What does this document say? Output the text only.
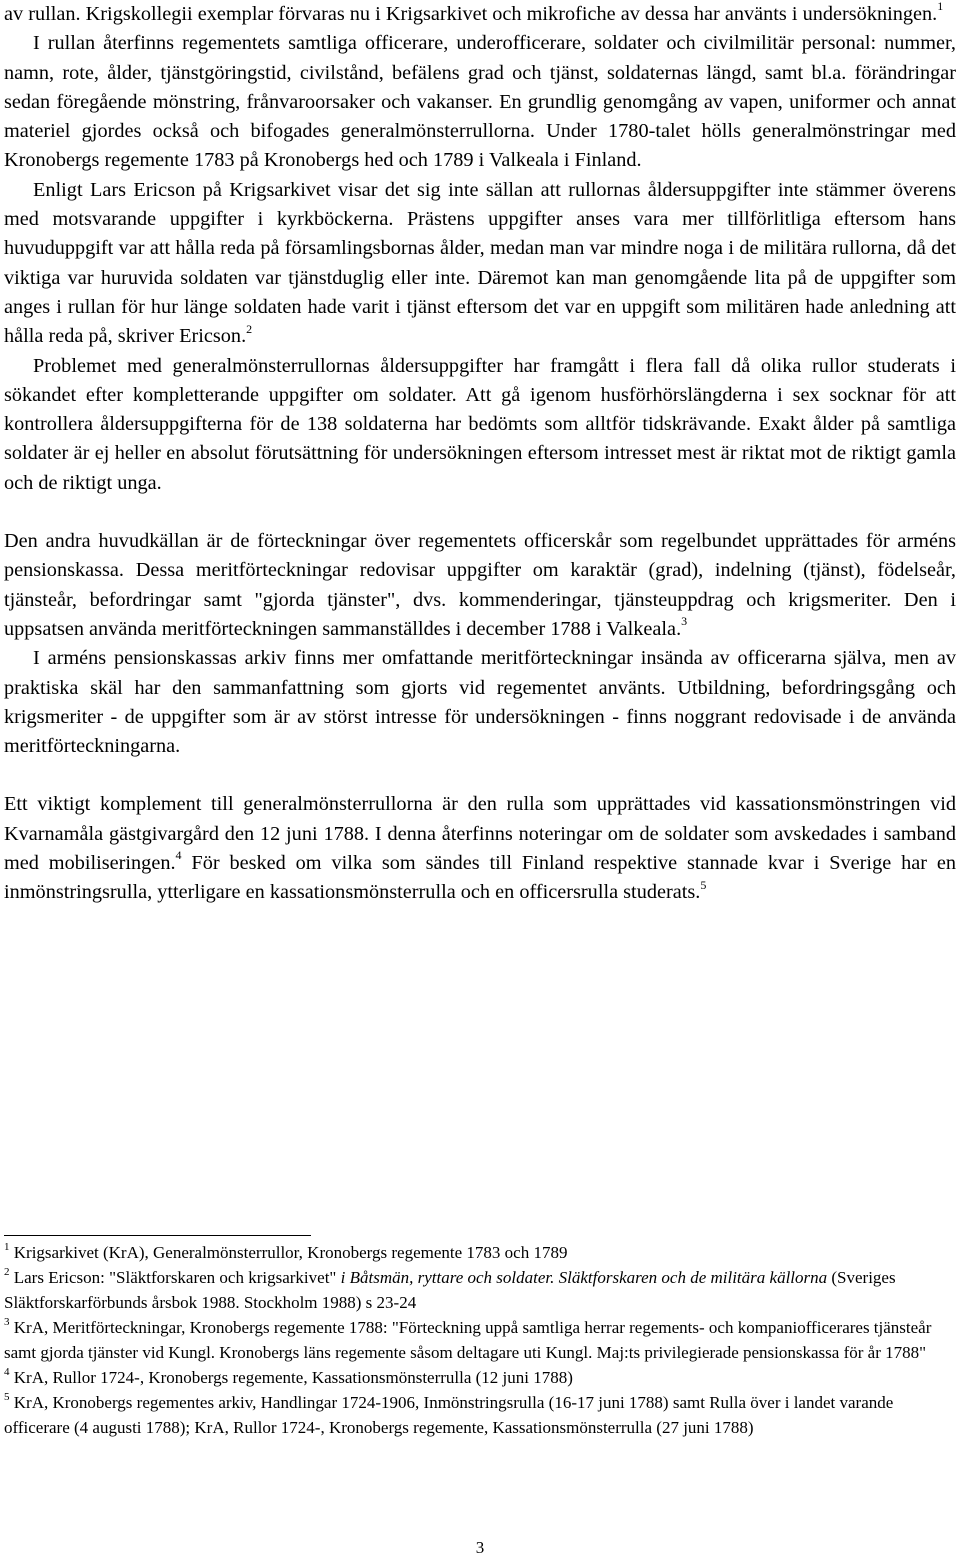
av rullan. Krigskollegii exemplar förvaras nu i Krigsarkivet och mikrofiche av dessa har använts i undersökningen.$^1$

I rullan återfinns regementets samtliga officerare, underofficerare, soldater och civilmilitär personal: nummer, namn, rote, ålder, tjänstgöringstid, civilstånd, befälens grad och tjänst, soldaternas längd, samt bl.a. förändringar sedan föregående mönstring, frånvaroorsaker och vakanser. En grundlig genomgång av vapen, uniformer och annat materiel gjordes också och bifogades generalmönsterrullorna. Under 1780-talet hölls generalmönstringar med Kronobergs regemente 1783 på Kronobergs hed och 1789 i Valkeala i Finland.

Enligt Lars Ericson på Krigsarkivet visar det sig inte sällan att rullornas åldersuppgifter inte stämmer överens med motsvarande uppgifter i kyrkböckerna. Prästens uppgifter anses vara mer tillförlitliga eftersom hans huvuduppgift var att hålla reda på församlingsbornas ålder, medan man var mindre noga i de militära rullorna, då det viktiga var huruvida soldaten var tjänstduglig eller inte. Däremot kan man genomgående lita på de uppgifter som anges i rullan för hur länge soldaten hade varit i tjänst eftersom det var en uppgift som militären hade anledning att hålla reda på, skriver Ericson.$^2$

Problemet med generalmönsterrullornas åldersuppgifter har framgått i flera fall då olika rullor studerats i sökandet efter kompletterande uppgifter om soldater. Att gå igenom husförhörslängderna i sex socknar för att kontrollera åldersuppgifterna för de 138 soldaterna har bedömts som alltför tidskrävande. Exakt ålder på samtliga soldater är ej heller en absolut förutsättning för undersökningen eftersom intresset mest är riktat mot de riktigt gamla och de riktigt unga.

Den andra huvudkällan är de förteckningar över regementets officerskår som regelbundet upprättades för arméns pensionskassa. Dessa meritförteckningar redovisar uppgifter om karaktär (grad), indelning (tjänst), födelseår, tjänsteår, befordringar samt "gjorda tjänster", dvs. kommenderingar, tjänsteuppdrag och krigsmeriter. Den i uppsatsen använda meritförteckningen sammanställdes i december 1788 i Valkeala.$^3$

I arméns pensionskassas arkiv finns mer omfattande meritförteckningar insända av officerarna själva, men av praktiska skäl har den sammanfattning som gjorts vid regementet använts. Utbildning, befordringsgång och krigsmeriter - de uppgifter som är av störst intresse för undersökningen - finns noggrant redovisade i de använda meritförteckningarna.

Ett viktigt komplement till generalmönsterrullorna är den rulla som upprättades vid kassationsmönstringen vid Kvarnamåla gästgivargård den 12 juni 1788. I denna återfinns noteringar om de soldater som avskedades i samband med mobiliseringen.$^4$ För besked om vilka som sändes till Finland respektive stannade kvar i Sverige har en inmönstringsrulla, ytterligare en kassationsmönsterrulla och en officersrulla studerats.$^5$

$^1$ Krigsarkivet (KrA), Generalmönsterrullor, Kronobergs regemente 1783 och 1789

$^2$ Lars Ericson: "Släktforskaren och krigsarkivet" i Båtsmän, ryttare och soldater. Släktforskaren och de militära källorna (Sveriges Släktforskarförbunds årsbok 1988. Stockholm 1988) s 23-24

$^3$ KrA, Meritförteckningar, Kronobergs regemente 1788: "Förteckning uppå samtliga herrar regements- och kompaniofficerares tjänsteår samt gjorda tjänster vid Kungl. Kronobergs läns regemente såsom deltagare uti Kungl. Maj:ts privilegierade pensionskassa för år 1788"

$^4$ KrA, Rullor 1724-, Kronobergs regemente, Kassationsmönsterrulla (12 juni 1788)

$^5$ KrA, Kronobergs regementes arkiv, Handlingar 1724-1906, Inmönstringsrulla (16-17 juni 1788) samt Rulla över i landet varande officerare (4 augusti 1788); KrA, Rullor 1724-, Kronobergs regemente, Kassationsmönsterrulla (27 juni 1788)

3
